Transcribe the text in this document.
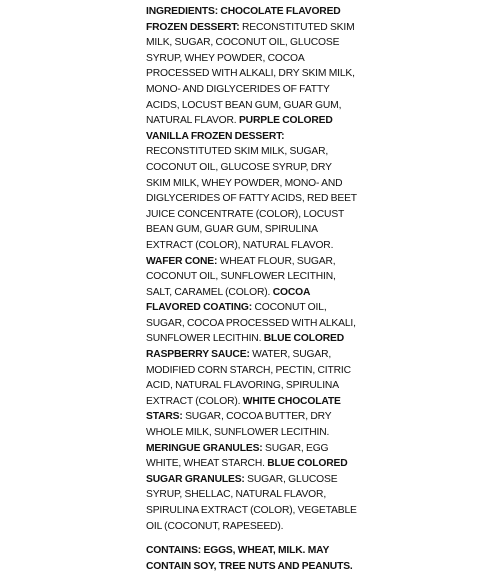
INGREDIENTS: CHOCOLATE FLAVORED FROZEN DESSERT: RECONSTITUTED SKIM MILK, SUGAR, COCONUT OIL, GLUCOSE SYRUP, WHEY POWDER, COCOA PROCESSED WITH ALKALI, DRY SKIM MILK, MONO- AND DIGLYCERIDES OF FATTY ACIDS, LOCUST BEAN GUM, GUAR GUM, NATURAL FLAVOR. PURPLE COLORED VANILLA FROZEN DESSERT: RECONSTITUTED SKIM MILK, SUGAR, COCONUT OIL, GLUCOSE SYRUP, DRY SKIM MILK, WHEY POWDER, MONO- AND DIGLYCERIDES OF FATTY ACIDS, RED BEET JUICE CONCENTRATE (COLOR), LOCUST BEAN GUM, GUAR GUM, SPIRULINA EXTRACT (COLOR), NATURAL FLAVOR. WAFER CONE: WHEAT FLOUR, SUGAR, COCONUT OIL, SUNFLOWER LECITHIN, SALT, CARAMEL (COLOR). COCOA FLAVORED COATING: COCONUT OIL, SUGAR, COCOA PROCESSED WITH ALKALI, SUNFLOWER LECITHIN. BLUE COLORED RASPBERRY SAUCE: WATER, SUGAR, MODIFIED CORN STARCH, PECTIN, CITRIC ACID, NATURAL FLAVORING, SPIRULINA EXTRACT (COLOR). WHITE CHOCOLATE STARS: SUGAR, COCOA BUTTER, DRY WHOLE MILK, SUNFLOWER LECITHIN. MERINGUE GRANULES: SUGAR, EGG WHITE, WHEAT STARCH. BLUE COLORED SUGAR GRANULES: SUGAR, GLUCOSE SYRUP, SHELLAC, NATURAL FLAVOR, SPIRULINA EXTRACT (COLOR), VEGETABLE OIL (COCONUT, RAPESEED).

CONTAINS: EGGS, WHEAT, MILK. MAY CONTAIN SOY, TREE NUTS AND PEANUTS.
